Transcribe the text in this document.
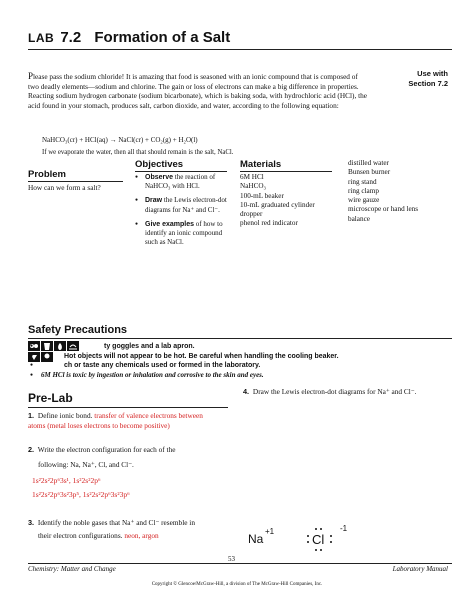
LAB 7.2 Formation of a Salt
Use with
Section 7.2
Please pass the sodium chloride! It is amazing that food is seasoned with an ionic compound that is composed of two deadly elements—sodium and chlorine. The gain or loss of electrons can make a big difference in properties. Reacting sodium hydrogen carbonate (sodium bicarbonate), which is baking soda, with hydrochloric acid (HCl), the acid found in your stomach, produces salt, carbon dioxide, and water, according to the following equation:
NaHCO₃(cr) + HCl(aq) → NaCl(cr) + CO₂(g) + H₂O(l)
If we evaporate the water, then all that should remain is the salt, NaCl.
Problem
How can we form a salt?
Objectives
● Observe the reaction of NaHCO₃ with HCl.
● Draw the Lewis electron-dot diagrams for Na⁺ and Cl⁻.
● Give examples of how to identify an ionic compound such as NaCl.
Materials
6M HCl
NaHCO₃
100-mL beaker
10-mL graduated cylinder
dropper
phenol red indicator
distilled water
Bunsen burner
ring stand
ring clamp
wire gauze
microscope or hand lens
balance
Safety Precautions
● ty goggles and a lab apron.
● Hot objects will not appear to be hot. Be careful when handling the cooling beaker.
● ch or taste any chemicals used or formed in the laboratory.
● 6M HCl is toxic by ingestion or inhalation and corrosive to the skin and eyes.
Pre-Lab
1. Define ionic bond. transfer of valence electrons between atoms (metal loses electrons to become positive)
2. Write the electron configuration for each of the
following: Na, Na⁺, Cl, and Cl⁻.
1s²2s²2p⁶3s¹, 1s²2s²2p⁶
1s²2s²2p⁶3s²3p⁵, 1s²2s²2p⁶3s²3p⁶
3. Identify the noble gases that Na⁺ and Cl⁻ resemble in
their electron configurations. neon, argon
4. Draw the Lewis electron-dot diagrams for Na⁺ and Cl⁻.
Na
+1
Cl
-1
53
Chemistry: Matter and Change	Laboratory Manual
Copyright © Glencoe/McGraw-Hill, a division of The McGraw-Hill Companies, Inc.
